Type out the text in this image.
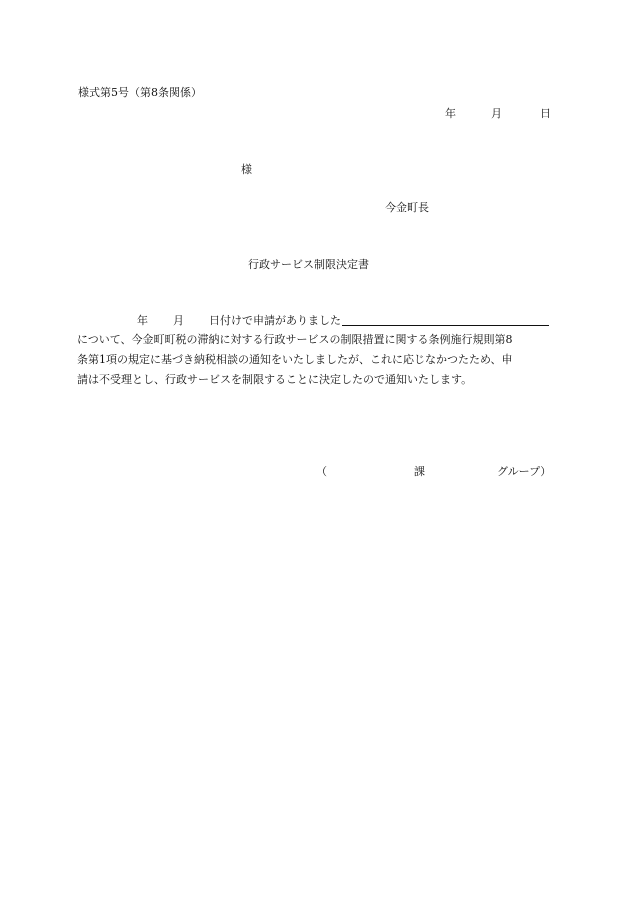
様式第5号（第8条関係）
年	月	日
様
今金町長
行政サービス制限決定書
年 月 日付けで申請がありました
について、今金町町税の滞納に対する行政サービスの制限措置に関する条例施行規則第8
条第1項の規定に基づき納税相談の通知をいたしましたが、これに応じなかつたため、申
請は不受理とし、行政サービスを制限することに決定したので通知いたします。
（	課	グループ）
